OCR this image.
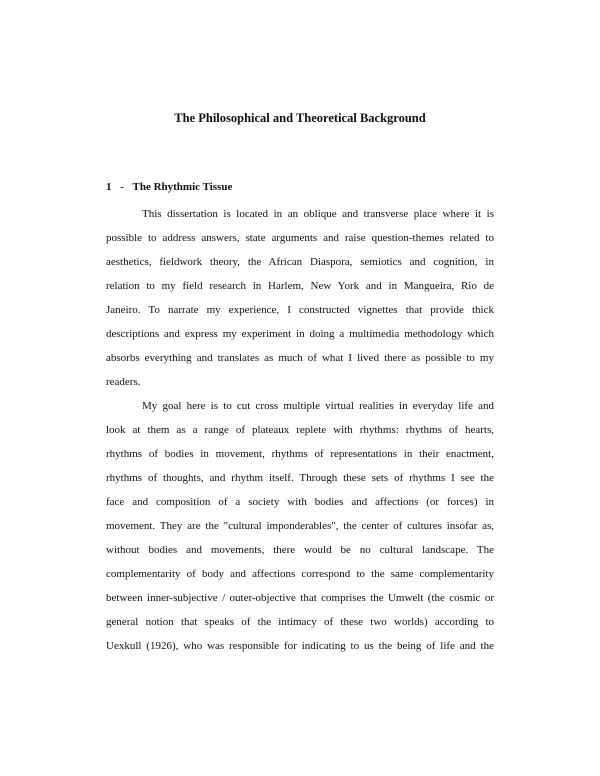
The Philosophical and Theoretical Background
1 - The Rhythmic Tissue

This dissertation is located in an oblique and transverse place where it is

possible to address answers, state arguments and raise question-themes related to

aesthetics, fieldwork theory, the African Diaspora, semiotics and cognition, in

relation to my field research in Harlem, New York and in Mangueira, Rio de

Janeiro. To narrate my experience, I constructed vignettes that provide thick

descriptions and express my experiment in doing a multimedia methodology which

absorbs everything and translates as much of what I lived there as possible to my

readers.

My goal here is to cut cross multiple virtual realities in everyday life and

look at them as a range of plateaux replete with rhythms: rhythms of hearts,

rhythms of bodies in movement, rhythms of representations in their enactment,

rhythms of thoughts, and rhythm itself. Through these sets of rhythms I see the

face and composition of a society with bodies and affections (or forces) in

movement. They are the "cultural imponderables", the center of cultures insofar as,

without bodies and movements, there would be no cultural landscape. The

complementarity of body and affections correspond to the same complementarity

between inner-subjective / outer-objective that comprises the Umwelt (the cosmic or

general notion that speaks of the intimacy of these two worlds) according to

Uexkull (1926), who was responsible for indicating to us the being of life and the
